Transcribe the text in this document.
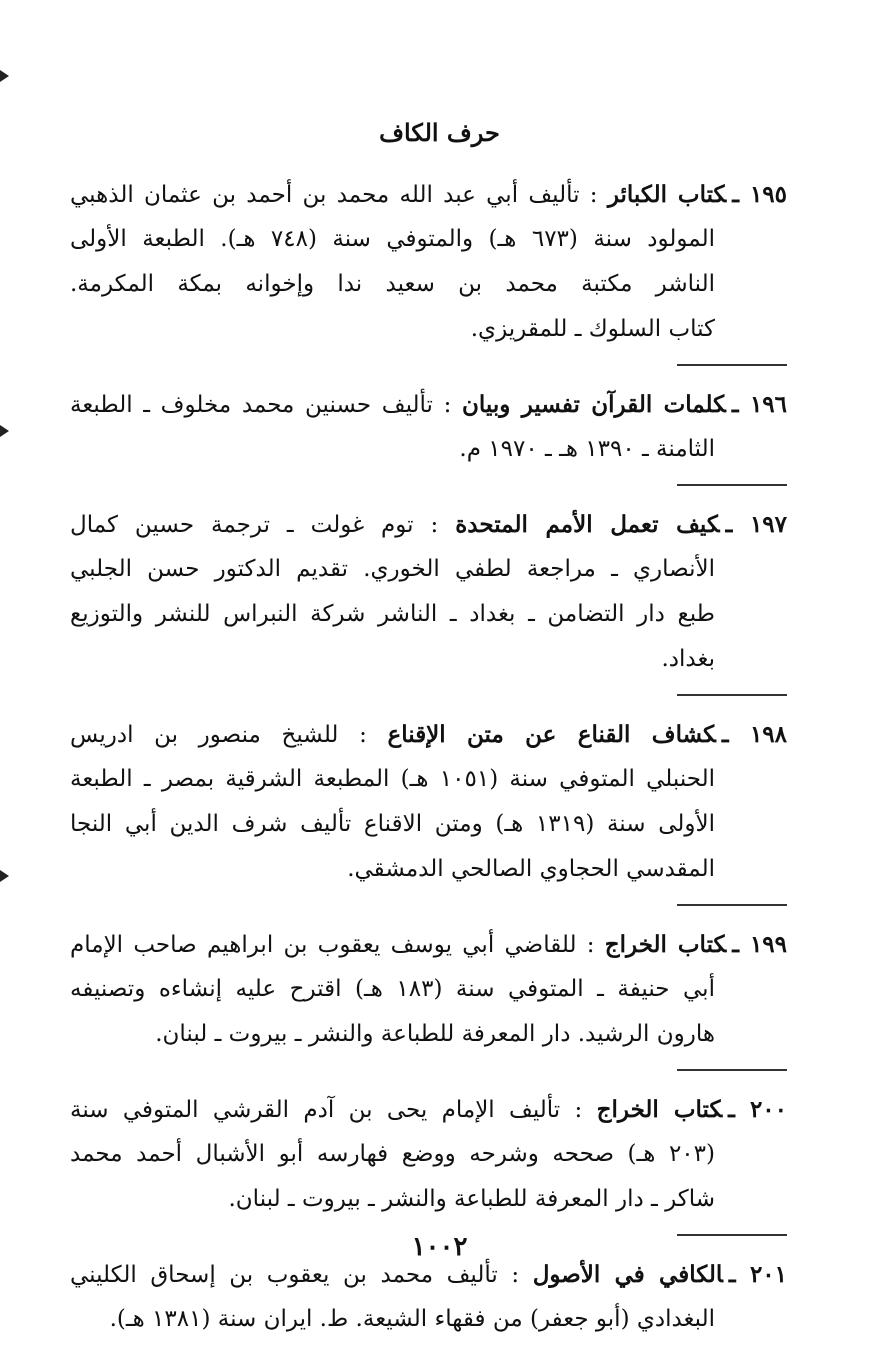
حرف الكاف
١٩٥ ـكتاب الكبائر : تأليف أبي عبد الله محمد بن أحمد بن عثمان الذهبي
المولود سنة (٦٧٣ هـ) والمتوفي سنة (٧٤٨ هـ). الطبعة الأولى
الناشر مكتبة محمد بن سعيد ندا وإخوانه بمكة المكرمة.
كتاب السلوك ـ للمقريزي.
١٩٦ ـكلمات القرآن تفسير وبيان : تأليف حسنين محمد مخلوف ـ الطبعة
الثامنة ـ ١٣٩٠ هـ ـ ١٩٧٠ م.
١٩٧ ـكيف تعمل الأمم المتحدة : توم غولت ـ ترجمة حسين كمال
الأنصاري ـ مراجعة لطفي الخوري. تقديم الدكتور حسن الجلبي
طبع دار التضامن ـ بغداد ـ الناشر شركة النبراس للنشر والتوزيع
بغداد.
١٩٨ ـكشاف القناع عن متن الإقناع : للشيخ منصور بن ادريس
الحنبلي المتوفي سنة (١٠٥١ هـ) المطبعة الشرقية بمصر ـ الطبعة
الأولى سنة (١٣١٩ هـ) ومتن الاقناع تأليف شرف الدين أبي النجا
المقدسي الحجاوي الصالحي الدمشقي.
١٩٩ ـكتاب الخراج : للقاضي أبي يوسف يعقوب بن ابراهيم صاحب الإمام
أبي حنيفة ـ المتوفي سنة (١٨٣ هـ) اقترح عليه إنشاءه وتصنيفه
هارون الرشيد. دار المعرفة للطباعة والنشر ـ بيروت ـ لبنان.
٢٠٠ ـكتاب الخراج : تأليف الإمام يحى بن آدم القرشي المتوفي سنة
(٢٠٣ هـ) صححه وشرحه ووضع فهارسه أبو الأشبال أحمد محمد
شاكر ـ دار المعرفة للطباعة والنشر ـ بيروت ـ لبنان.
٢٠١ ـالكافي في الأصول : تأليف محمد بن يعقوب بن إسحاق الكليني
البغدادي (أبو جعفر) من فقهاء الشيعة. ط. ايران سنة (١٣٨١ هـ).
١٠٠٢
